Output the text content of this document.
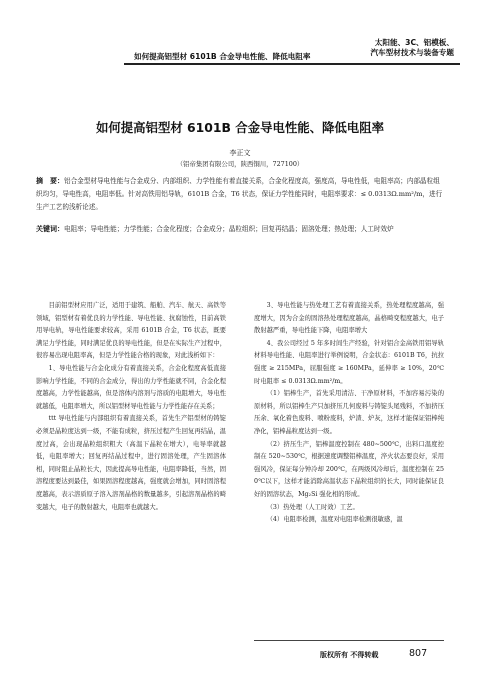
太阳能、3C、铝模板、
汽车型材技术与装备专题
如何提高铝型材 6101B 合金导电性能、降低电阻率
如何提高铝型材 6101B 合金导电性能、降低电阻率
李正文
（铝帝集团有限公司，陕西铜川，727100）
摘　要：铝合金型材导电性能与合金成分、内部组织、力学性能有着直接关系，合金化程度高，强度高，导电性低，电阻率高；内部晶粒组织均匀，导电性高，电阻率低。针对高铁用铝导轨，6101B 合金，T6 状态，保证力学性能同时，电阻率要求：≤ 0.0313Ω.mm²/m，进行生产工艺的浅析论述。
关键词：电阻率；导电性能；力学性能；合金化程度；合金成分；晶粒组织；回复再结晶；固溶处理；热处理；人工时效炉

目前铝型材应用广泛，适用于建筑、船舶、汽车、航天、高铁等领域，铝型材有着优良的力学性能、导电性能、抗腐蚀性，目前高铁用导电轨，导电性能要求较高，采用 6101B 合金，T6 状态，既要满足力学性能，同时满足优良的导电性能，但是在实际生产过程中，很容易出现电阻率高，但是力学性能合格的现象，对此浅析如下：

1、导电性能与合金化成分有着直接关系，合金化程度高低直接影响力学性能，不同的合金成分，得出的力学性能就不同，合金化程度越高，力学性能越高，但是溶体内溶剂与溶质的电阻增大，导电性就越低，电阻率增大，所以铝型材导电性能与力学性能存在关系；

ttt 导电性能与内部组织有着直接关系，首先生产铝型材的铸锭必须是晶粒度达到一级，不能有成粒，挤压过程产生回复再结晶，温度过高，会出现晶粒组织粗大（高温下晶粒在增大），电导率就越低，电阻率增大；回复再结晶过程中，进行固溶处理，产生固溶体相，同时阻止晶粒长大，因此提高导电性能，电阻率降低，当然，固溶程度要达到最佳，如果固溶程度越高，强度就会增加，同时固溶程度越高，表示溶质原子溶入溶剂晶格的数量越多，引起溶剂晶格的畸变越大，电子的散射越大，电阻率也就越大。

3、导电性能与热处理工艺有着直接关系，热处理程度越高，强度增大，因为合金的固溶热处理程度越高，晶格畸变程度越大，电子散射越严重，导电性能下降，电阻率增大

4、我公司经过 5 年多时间生产经验，针对铝合金高铁用铝导轨材料导电性能、电阻率进行举例说明，合金状态：6101B T6，抗拉强度 ≥ 215MPa，屈服强度 ≥ 160MPa，延伸率 ≥ 10%，20℃时电阻率 ≤ 0.0313Ω.mm²/m。

（1）铝棒生产，首先采用清洁、干净原材料，不加容易污染的原材料，所以铝棒生产只加挤压几何废料与铸锭头尾残料，不加挤压压余、氧化着色废料、喷粉废料，炉渣、炉灰，这样才能保证铝棒纯净化，铝棒晶粒度达到一级。

（2）挤压生产，铝棒温度控制在 480~500℃，出料口温度控制在 520~530℃，根据速度调整铝棒温度，淬火状态要良好，采用强风冷，保证每分钟冷却 200℃，在两级风冷却后，温度控制在 250℃以下，这样才能消除高温状态下晶粒组织的长大，同时能保证良好的固溶状态，Mg₂Si 强化相的形成。

（3）热处理（人工时效）工艺。

（4）电阻率检测，温度对电阻率检测很敏感，温

版权所有 不得转载	807
